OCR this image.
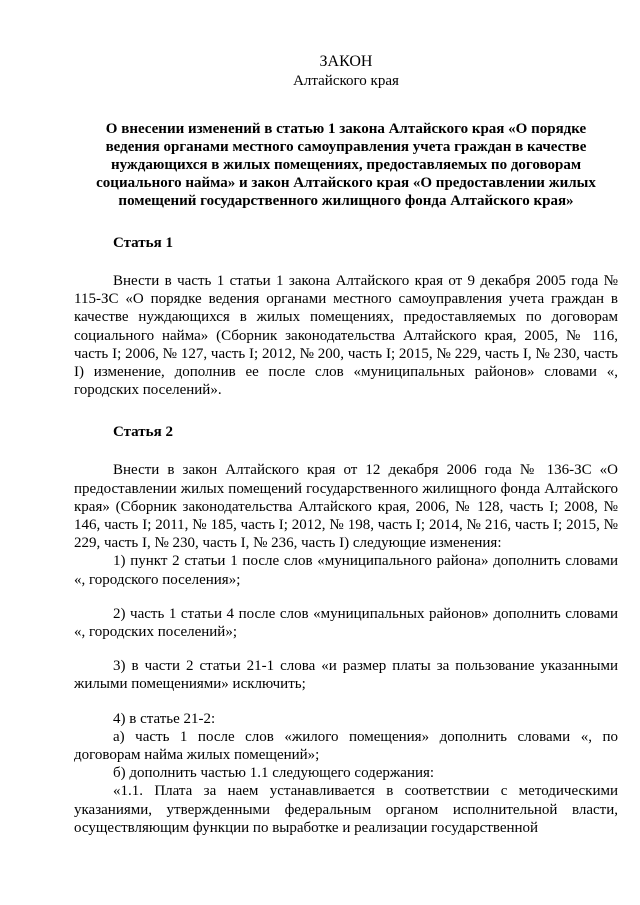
ЗАКОН
Алтайского края
О внесении изменений в статью 1 закона Алтайского края «О порядке ведения органами местного самоуправления учета граждан в качестве нуждающихся в жилых помещениях, предоставляемых по договорам социального найма» и закон Алтайского края «О предоставлении жилых помещений государственного жилищного фонда Алтайского края»
Статья 1

Внести в часть 1 статьи 1 закона Алтайского края от 9 декабря 2005 года № 115-ЗС «О порядке ведения органами местного самоуправления учета граждан в качестве нуждающихся в жилых помещениях, предоставляемых по договорам социального найма» (Сборник законодательства Алтайского края, 2005, № 116, часть I; 2006, № 127, часть I; 2012, № 200, часть I; 2015, № 229, часть I, № 230, часть I) изменение, дополнив ее после слов «муниципальных районов» словами «, городских поселений».

Статья 2

Внести в закон Алтайского края от 12 декабря 2006 года № 136-ЗС «О предоставлении жилых помещений государственного жилищного фонда Алтайского края» (Сборник законодательства Алтайского края, 2006, № 128, часть I; 2008, № 146, часть I; 2011, № 185, часть I; 2012, № 198, часть I; 2014, № 216, часть I; 2015, № 229, часть I, № 230, часть I, № 236, часть I) следующие изменения:

1) пункт 2 статьи 1 после слов «муниципального района» дополнить словами «, городского поселения»;

2) часть 1 статьи 4 после слов «муниципальных районов» дополнить словами «, городских поселений»;

3) в части 2 статьи 21-1 слова «и размер платы за пользование указанными жилыми помещениями» исключить;

4) в статье 21-2:

а) часть 1 после слов «жилого помещения» дополнить словами «, по договорам найма жилых помещений»;

б) дополнить частью 1.1 следующего содержания:

«1.1. Плата за наем устанавливается в соответствии с методическими указаниями, утвержденными федеральным органом исполнительной власти, осуществляющим функции по выработке и реализации государственной
